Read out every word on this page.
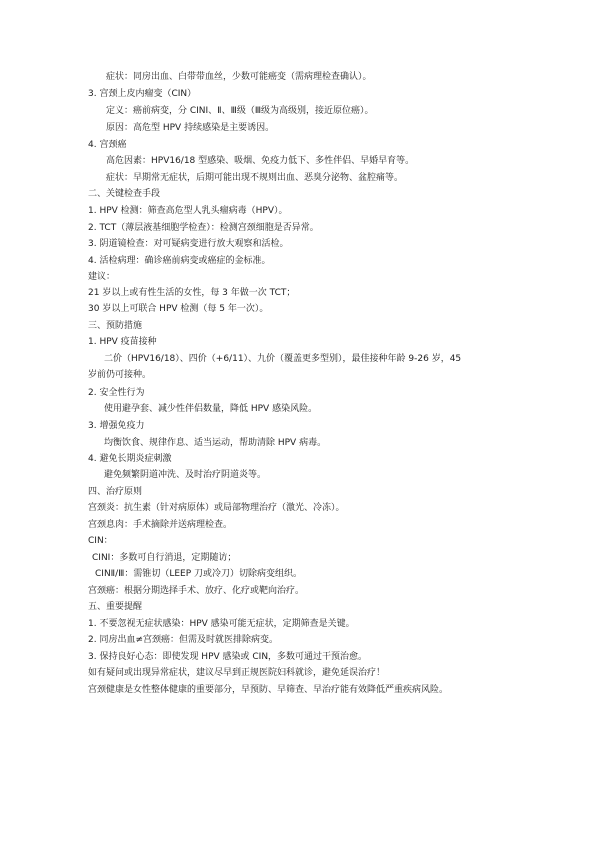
症状：同房出血、白带带血丝，少数可能癌变（需病理检查确认）。
3. 宫颈上皮内瘤变（CIN）
定义：癌前病变，分 CINⅠ、Ⅱ、Ⅲ级（Ⅲ级为高级别，接近原位癌）。
原因：高危型 HPV 持续感染是主要诱因。
4. 宫颈癌
高危因素：HPV16/18 型感染、吸烟、免疫力低下、多性伴侣、早婚早育等。
症状：早期常无症状，后期可能出现不规则出血、恶臭分泌物、盆腔痛等。
二、关键检查手段
1. HPV 检测：筛查高危型人乳头瘤病毒（HPV）。
2. TCT（薄层液基细胞学检查）：检测宫颈细胞是否异常。
3. 阴道镜检查：对可疑病变进行放大观察和活检。
4. 活检病理：确诊癌前病变或癌症的金标准。
建议：
21 岁以上或有性生活的女性，每 3 年做一次 TCT；
30 岁以上可联合 HPV 检测（每 5 年一次）。
三、预防措施
1. HPV 疫苗接种
二价（HPV16/18）、四价（+6/11）、九价（覆盖更多型别），最佳接种年龄 9-26 岁，45
岁前仍可接种。
2. 安全性行为
使用避孕套、减少性伴侣数量，降低 HPV 感染风险。
3. 增强免疫力
均衡饮食、规律作息、适当运动，帮助清除 HPV 病毒。
4. 避免长期炎症刺激
避免频繁阴道冲洗、及时治疗阴道炎等。
四、治疗原则
宫颈炎：抗生素（针对病原体）或局部物理治疗（激光、冷冻）。
宫颈息肉：手术摘除并送病理检查。
CIN：
CINⅠ：多数可自行消退，定期随访；
CINⅡ/Ⅲ：需锥切（LEEP 刀或冷刀）切除病变组织。
宫颈癌：根据分期选择手术、放疗、化疗或靶向治疗。
五、重要提醒
1. 不要忽视无症状感染：HPV 感染可能无症状，定期筛查是关键。
2. 同房出血≠宫颈癌：但需及时就医排除病变。
3. 保持良好心态：即使发现 HPV 感染或 CIN，多数可通过干预治愈。
如有疑问或出现异常症状，建议尽早到正规医院妇科就诊，避免延误治疗！
宫颈健康是女性整体健康的重要部分，早预防、早筛查、早治疗能有效降低严重疾病风险。
